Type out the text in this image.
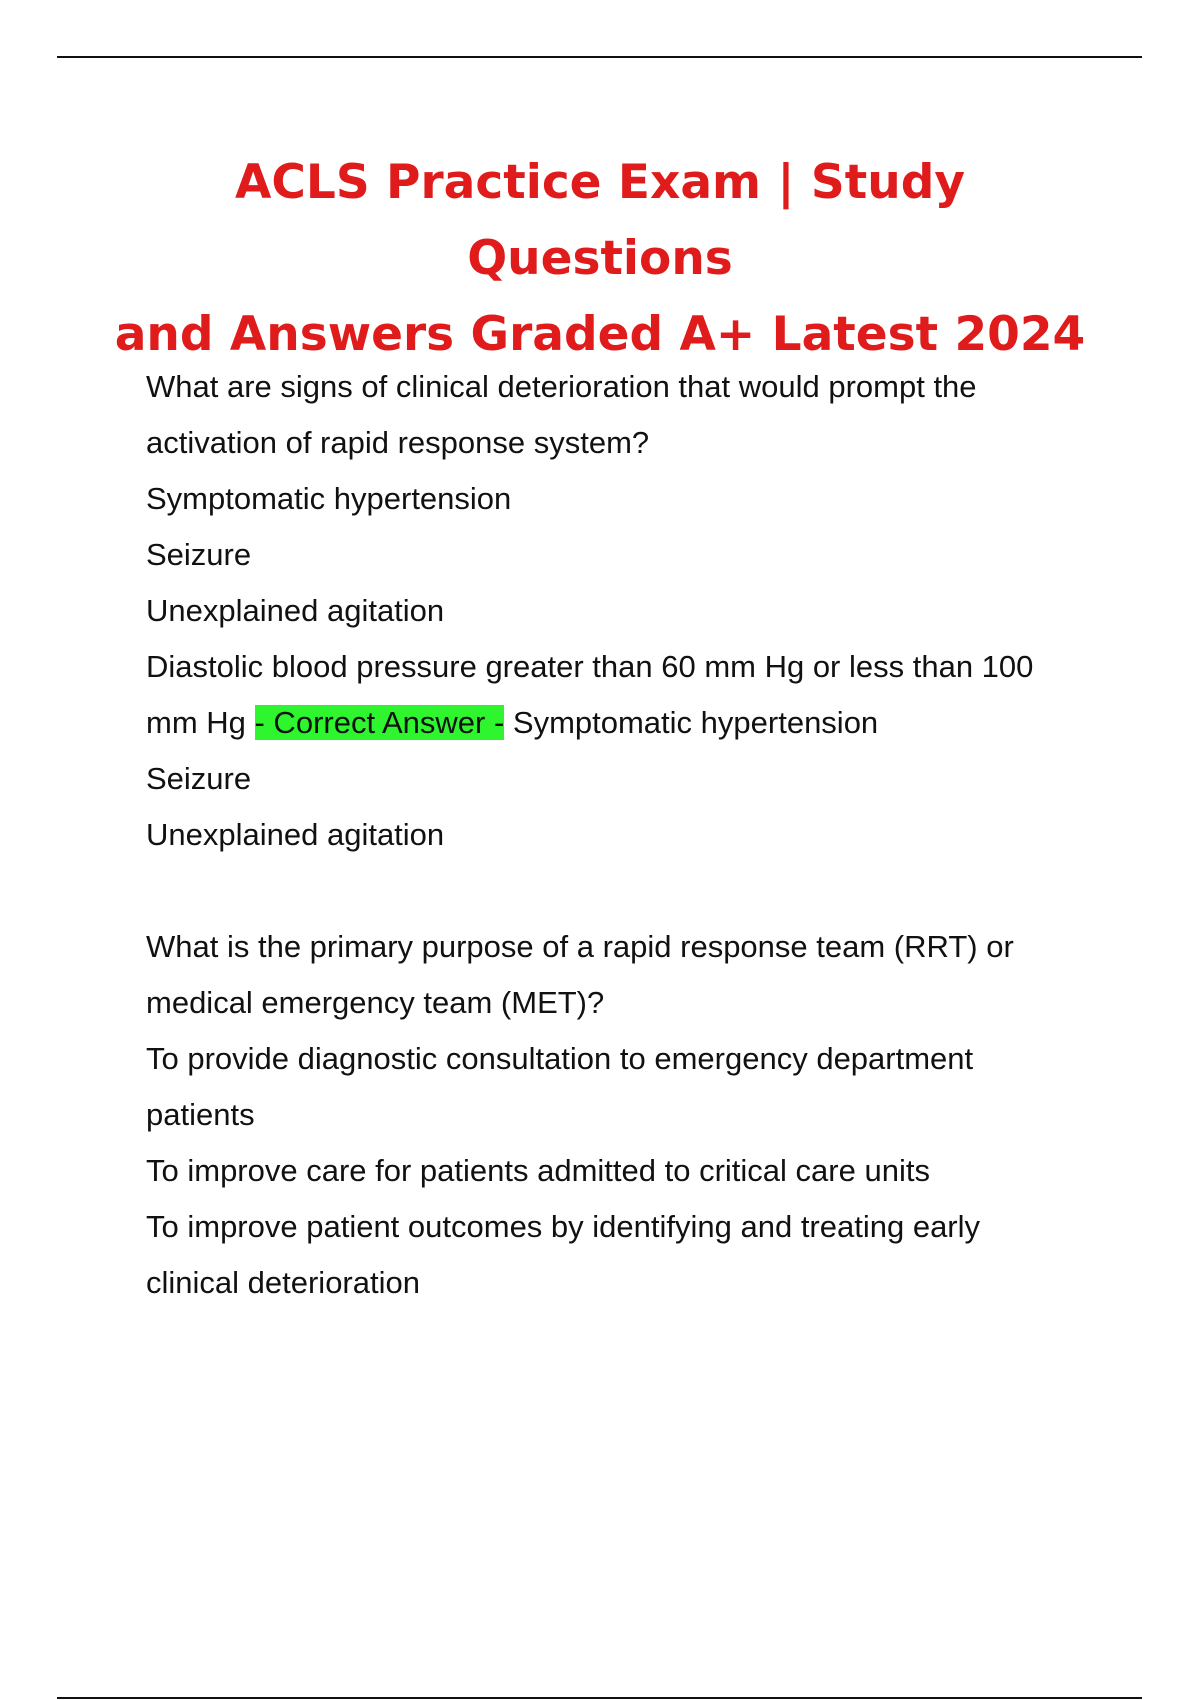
ACLS Practice Exam | Study Questions
and Answers Graded A+ Latest 2024

What are signs of clinical deterioration that would prompt the

activation of rapid response system?

Symptomatic hypertension

Seizure

Unexplained agitation

Diastolic blood pressure greater than 60 mm Hg or less than 100

mm Hg - Correct Answer - Symptomatic hypertension

Seizure

Unexplained agitation

What is the primary purpose of a rapid response team (RRT) or

medical emergency team (MET)?

To provide diagnostic consultation to emergency department

patients

To improve care for patients admitted to critical care units

To improve patient outcomes by identifying and treating early

clinical deterioration
